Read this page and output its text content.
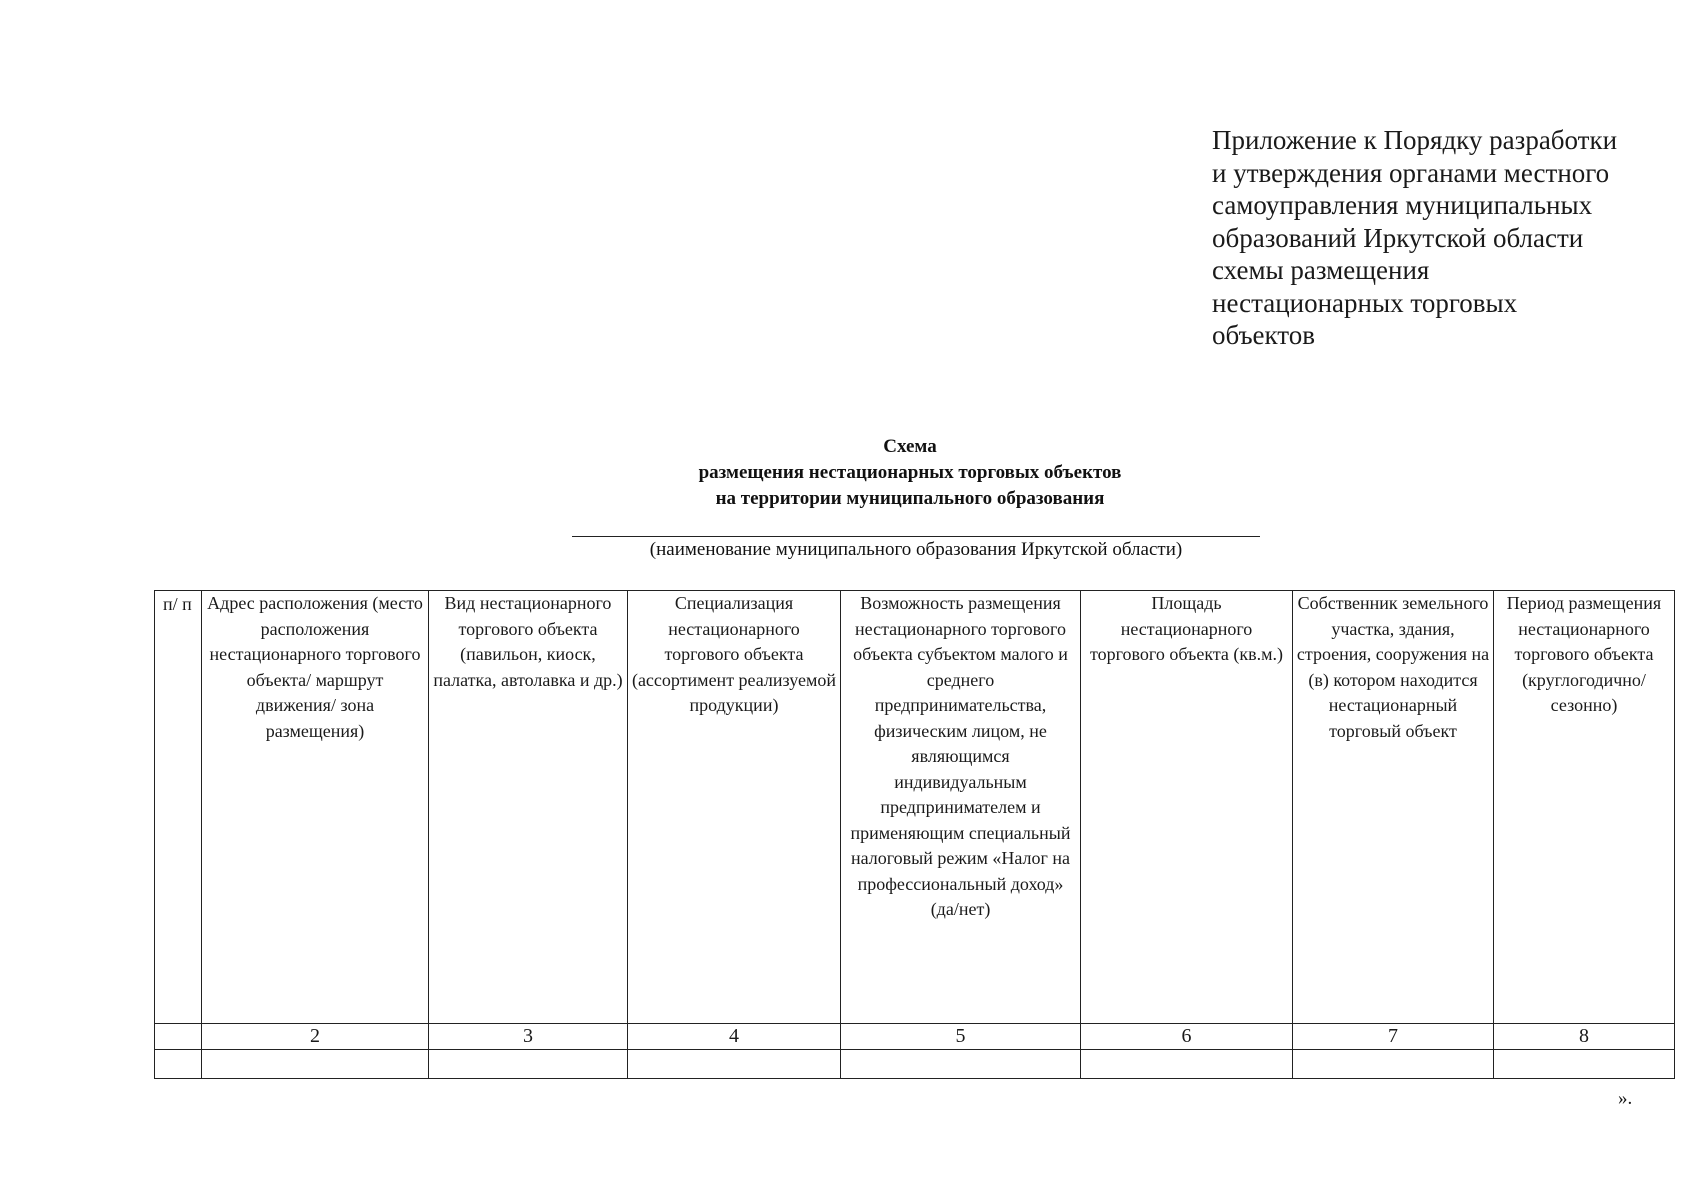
Приложение к Порядку разработки
и утверждения органами местного
самоуправления муниципальных
образований Иркутской области
схемы размещения
нестационарных торговых
объектов
Схема
размещения нестационарных торговых объектов
на территории муниципального образования
(наименование муниципального образования Иркутской области)
п/ п	Адрес расположения (место расположения нестационарного торгового объекта/ маршрут движения/ зона размещения)	Вид нестационарного торгового объекта (павильон, киоск, палатка, автолавка и др.)	Специализация нестационарного торгового объекта (ассортимент реализуемой продукции)	Возможность размещения нестационарного торгового объекта субъектом малого и среднего предпринимательства, физическим лицом, не являющимся индивидуальным предпринимателем и применяющим специальный налоговый режим «Налог на профессиональный доход» (да/нет)	Площадь нестационарного торгового объекта (кв.м.)	Собственник земельного участка, здания, строения, сооружения на (в) котором находится нестационарный торговый объект	Период размещения нестационарного торгового объекта (круглогодично/ сезонно)
	2	3	4	5	6	7	8

».
